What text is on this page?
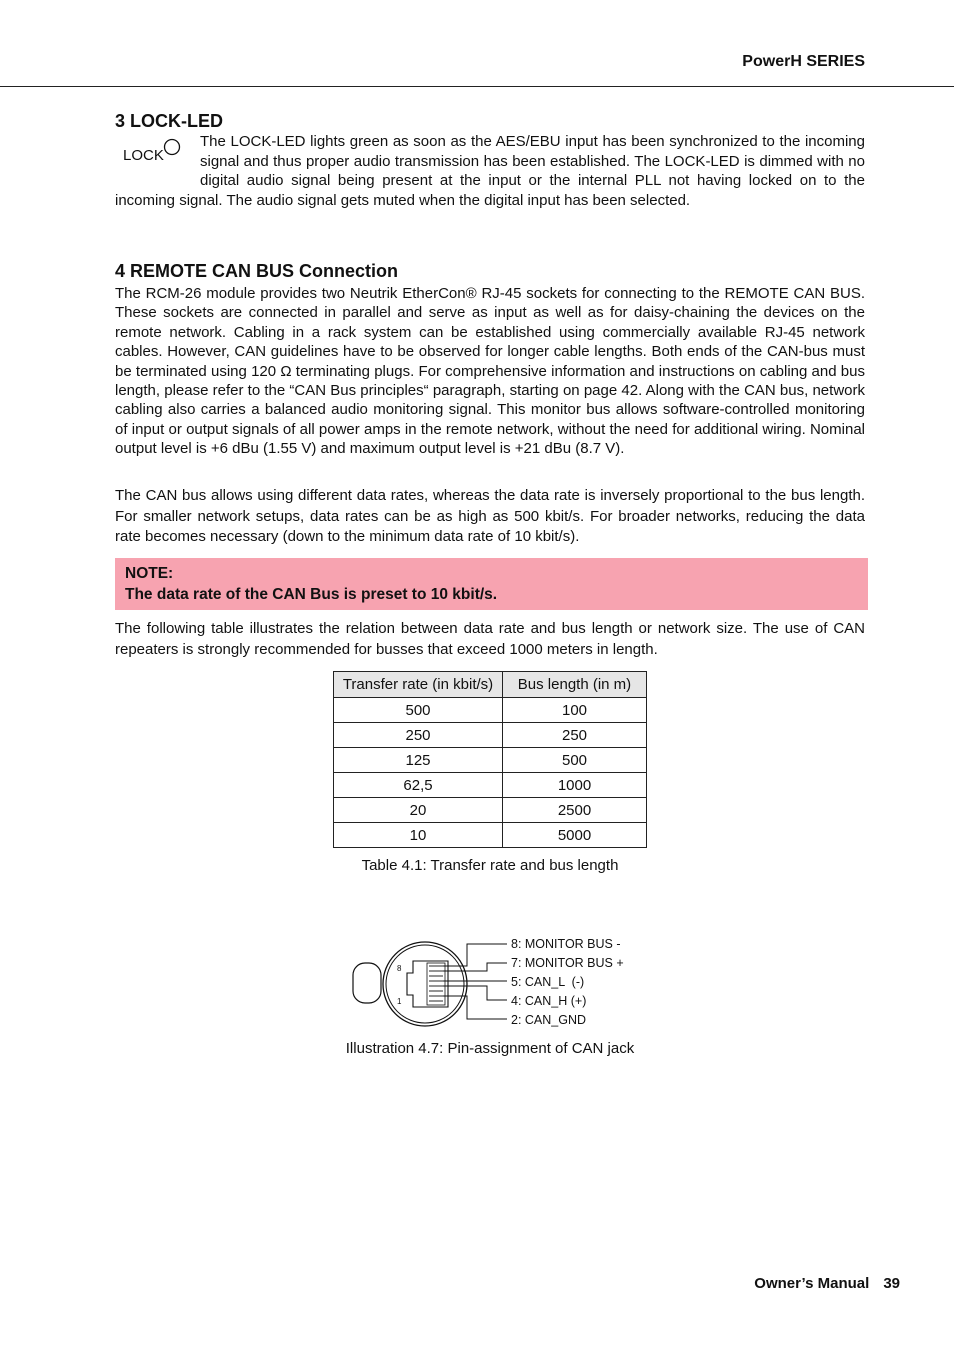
PowerH SERIES
3 LOCK-LED

The LOCK-LED lights green as soon as the AES/EBU input has been synchronized to the incoming signal and thus proper audio transmission has been established. The LOCK-LED is dimmed with no digital audio signal being present at the input or the internal PLL not having locked on to the incoming signal. The audio signal gets muted when the digital input has been selected.

LOCK
4 REMOTE CAN BUS Connection

The RCM-26 module provides two Neutrik EtherCon® RJ-45 sockets for connecting to the REMOTE CAN BUS. These sockets are connected in parallel and serve as input as well as for daisy-chaining the devices on the remote network. Cabling in a rack system can be established using commercially available RJ-45 network cables. However, CAN guidelines have to be observed for longer cable lengths. Both ends of the CAN-bus must be terminated using 120 Ω terminating plugs. For comprehensive information and instructions on cabling and bus length, please refer to the “CAN Bus principles“ paragraph, starting on page 42. Along with the CAN bus, network cabling also carries a balanced audio monitoring signal. This monitor bus allows software-controlled monitoring of input or output signals of all power amps in the remote network, without the need for additional wiring. Nominal output level is +6 dBu (1.55 V) and maximum output level is +21 dBu (8.7 V).

The CAN bus allows using different data rates, whereas the data rate is inversely proportional to the bus length. For smaller network setups, data rates can be as high as 500 kbit/s. For broader networks, reducing the data rate becomes necessary (down to the minimum data rate of 10 kbit/s).

NOTE:
The data rate of the CAN Bus is preset to 10 kbit/s.

The following table illustrates the relation between data rate and bus length or network size. The use of CAN repeaters is strongly recommended for busses that exceed 1000 meters in length.

Transfer rate (in kbit/s)	Bus length (in m)
500	100
250	250
125	500
62,5	1000
20	2500
10	5000
Table 4.1: Transfer rate and bus length
8
1
8: MONITOR BUS -
7: MONITOR BUS +
5: CAN_L  (-)
4: CAN_H (+)
2: CAN_GND
Illustration 4.7: Pin-assignment of CAN jack
Owner’s Manual 39
